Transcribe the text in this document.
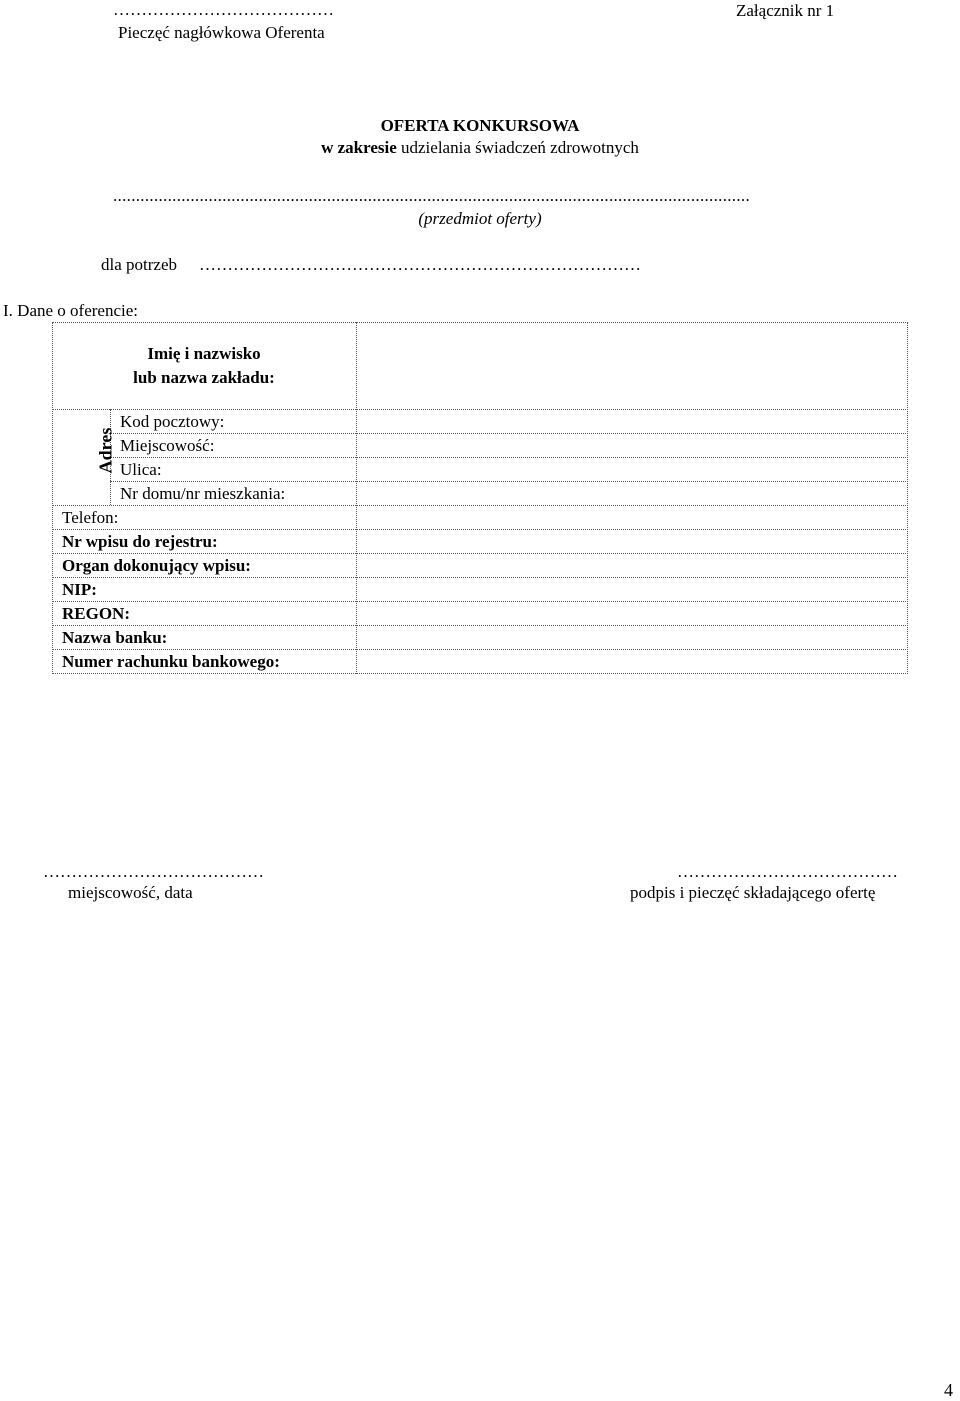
…………………………………
Pieczęć nagłówkowa Oferenta
Załącznik nr 1
OFERTA KONKURSOWA
w zakresie udzielania świadczeń zdrowotnych
............................................................................................................................................
(przedmiot oferty)
dla potrzeb ……………………………………………………………………
I. Dane o oferencie:
Imię i nazwisko
lub nazwa zakładu:
Adres
Kod pocztowy:
Miejscowość:
Ulica:
Nr domu/nr mieszkania:
Telefon:
Nr wpisu do rejestru:
Organ dokonujący wpisu:
NIP:
REGON:
Nazwa banku:
Numer rachunku bankowego:
…………………………………
miejscowość, data
…………………………………
podpis i pieczęć składającego ofertę
4
